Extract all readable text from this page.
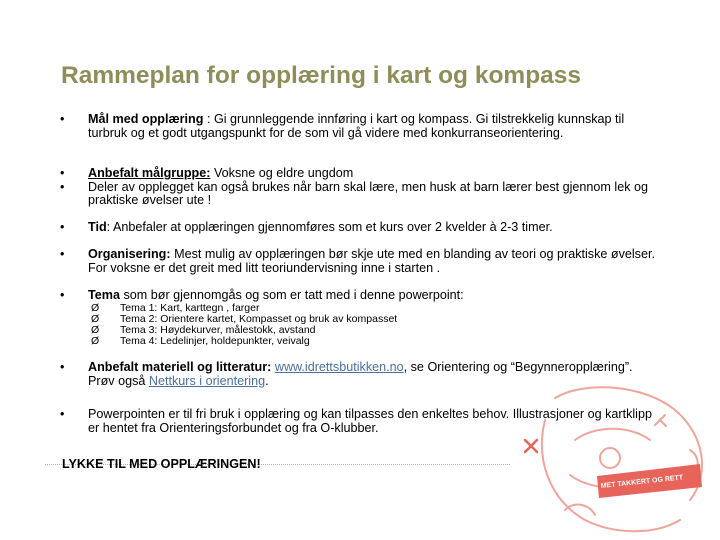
Rammeplan for opplæring i kart og kompass
•	Mål med opplæring : Gi grunnleggende innføring i kart og kompass. Gi tilstrekkelig kunnskap til turbruk og et godt utgangspunkt for de som vil gå videre med konkurranseorientering.
•
•
Anbefalt målgruppe: Voksne og eldre ungdom
Deler av opplegget kan også brukes når barn skal lære, men husk at barn lærer best gjennom lek og praktiske øvelser ute !
•	Tid: Anbefaler at opplæringen gjennomføres som et kurs over 2 kvelder à 2-3 timer.
•	Organisering: Mest mulig av opplæringen bør skje ute med en blanding av teori og praktiske øvelser. For voksne er det greit med litt teoriundervisning inne i starten .
•	Tema som bør gjennomgås og som er tatt med i denne powerpoint:
Ø	Tema 1: Kart, karttegn , farger
Ø	Tema 2: Orientere kartet, Kompasset og bruk av kompasset
Ø	Tema 3: Høydekurver, målestokk, avstand
Ø	Tema 4: Ledelinjer, holdepunkter, veivalg
•	Anbefalt materiell og litteratur: www.idrettsbutikken.no, se Orientering og “Begynneropplæring”. Prøv også Nettkurs i orientering.
•	Powerpointen er til fri bruk i opplæring og kan tilpasses den enkeltes behov. Illustrasjoner og kartklipp er hentet fra Orienteringsforbundet og fra O-klubber.
LYKKE TIL MED OPPLÆRINGEN!
MET TAKKERT OG RETT
